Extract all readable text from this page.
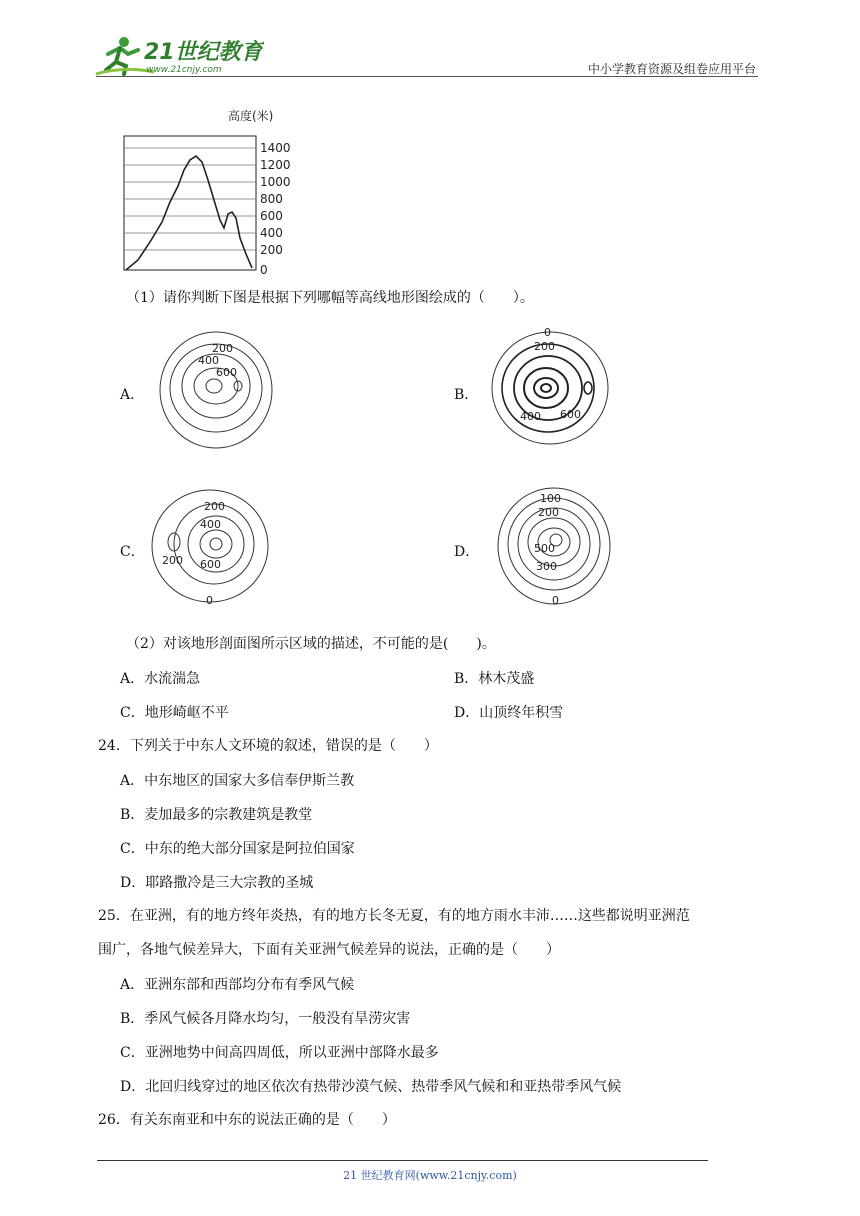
21世纪教育
www.21cnjy.com	中小学教育资源及组卷应用平台
高度(米)
1400
1200
1000
800
600
400
200
0
（1）请你判断下图是根据下列哪幅等高线地形图绘成的（　　）。
A．
200
400
600
B．
0
200
400 600
C．
200
400
200 600
0
D．
100
200
500
300
0
（2）对该地形剖面图所示区域的描述，不可能的是(　　)。
A．水流湍急	B．林木茂盛
C．地形崎岖不平	D．山顶终年积雪
24．下列关于中东人文环境的叙述，错误的是（　　）
A．中东地区的国家大多信奉伊斯兰教
B．麦加最多的宗教建筑是教堂
C．中东的绝大部分国家是阿拉伯国家
D．耶路撒冷是三大宗教的圣城
25．在亚洲，有的地方终年炎热，有的地方长冬无夏，有的地方雨水丰沛……这些都说明亚洲范
围广，各地气候差异大，下面有关亚洲气候差异的说法，正确的是（　　）
A．亚洲东部和西部均分布有季风气候
B．季风气候各月降水均匀，一般没有旱涝灾害
C．亚洲地势中间高四周低，所以亚洲中部降水最多
D．北回归线穿过的地区依次有热带沙漠气候、热带季风气候和和亚热带季风气候
26．有关东南亚和中东的说法正确的是（　　）
21 世纪教育网(www.21cnjy.com)
